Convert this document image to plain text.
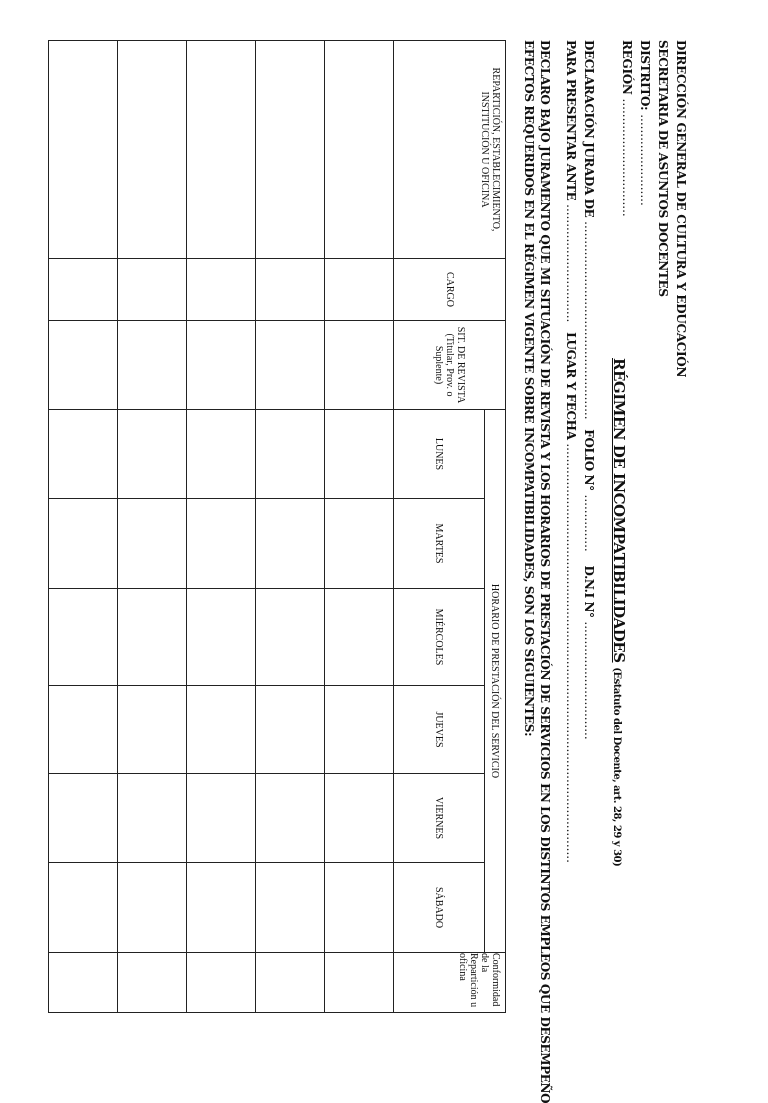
DIRECCIÓN GENERAL DE CULTURA Y EDUCACIÓN
SECRETARIA DE ASUNTOS DOCENTES
DISTRITO: ........................
REGIÓN ...............................
RÉGIMEN DE INCOMPATIBILIDADES (Estatuto del Docente, art. 28, 29 y 30)
DECLARACIÓN JURADA DE .................................................... FOLIO N° ............... D.N.I N° ...............................
PARA PRESENTAR ANTE ............................... LUGAR Y FECHA ..............................................................................................................
DECLARO BAJO JURAMENTO QUE MI SITUACIÓN DE REVISTA Y LOS HORARIOS DE PRESTACIÓN DE SERVICIOS EN LOS DISTINTOS EMPLEOS QUE DESEMPEÑO
EFECTOS REQUERIDOS EN EL RÉGIMEN VIGENTE SOBRE INCOMPATIBILIDADES, SON LOS SIGUIENTES:
REPARTICIÓN, ESTABLECIMIENTO, INSTITUCIÓN U OFICINA	CARGO	SIT. DE REVISTA (Titular, Prov. o Suplente)	HORARIO DE PRESTACIÓN DEL SERVICIO						Conformidad de la Repartición u oficina
			LUNES	MARTES	MIÉRCOLES	JUEVES	VIERNES	SÁBADO	
